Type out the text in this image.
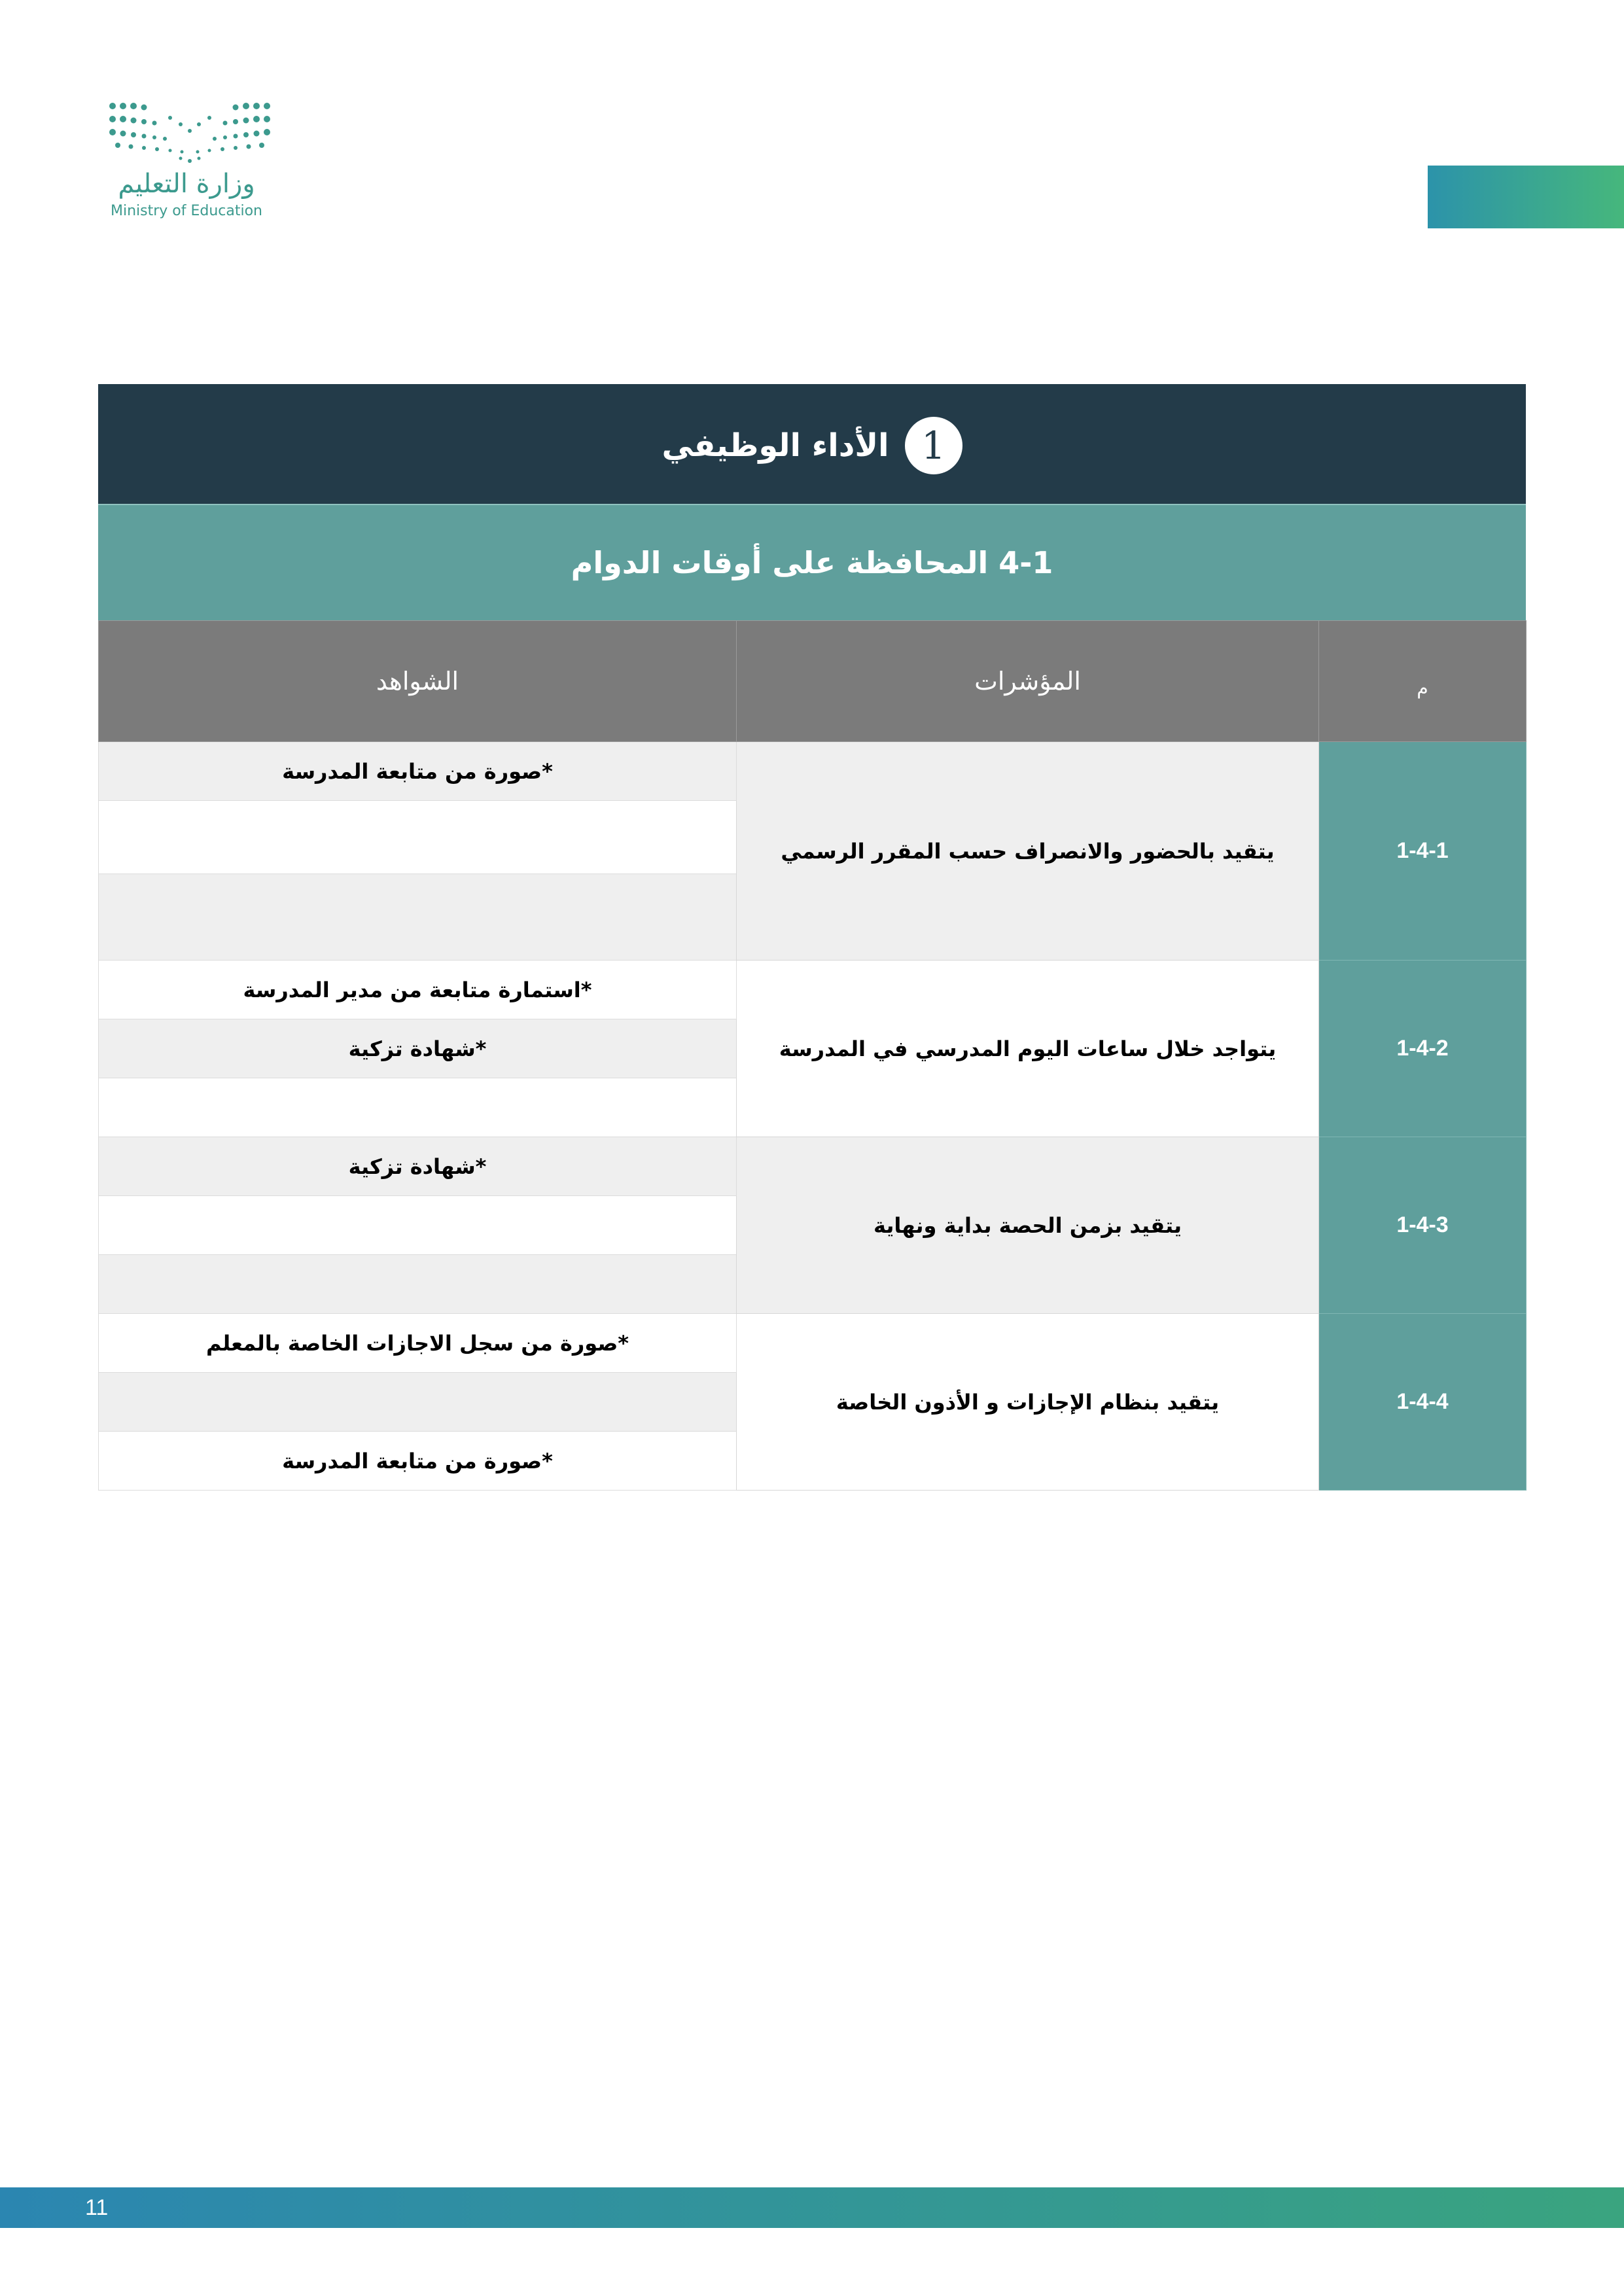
وزارة التعليم
Ministry of Education
1
الأداء الوظيفي
4-1 المحافظة على أوقات الدوام
الشواهد	المؤشرات	م
*صورة من متابعة المدرسة	يتقيد بالحضور والانصراف حسب المقرر الرسمي	1-4-1

*استمارة متابعة من مدير المدرسة	يتواجد خلال ساعات اليوم المدرسي في المدرسة	1-4-2
*شهادة تزكية		

*شهادة تزكية	يتقيد بزمن الحصة بداية ونهاية	1-4-3

*صورة من سجل الاجازات الخاصة بالمعلم	يتقيد بنظام الإجازات و الأذون الخاصة	1-4-4

*صورة من متابعة المدرسة		
11
